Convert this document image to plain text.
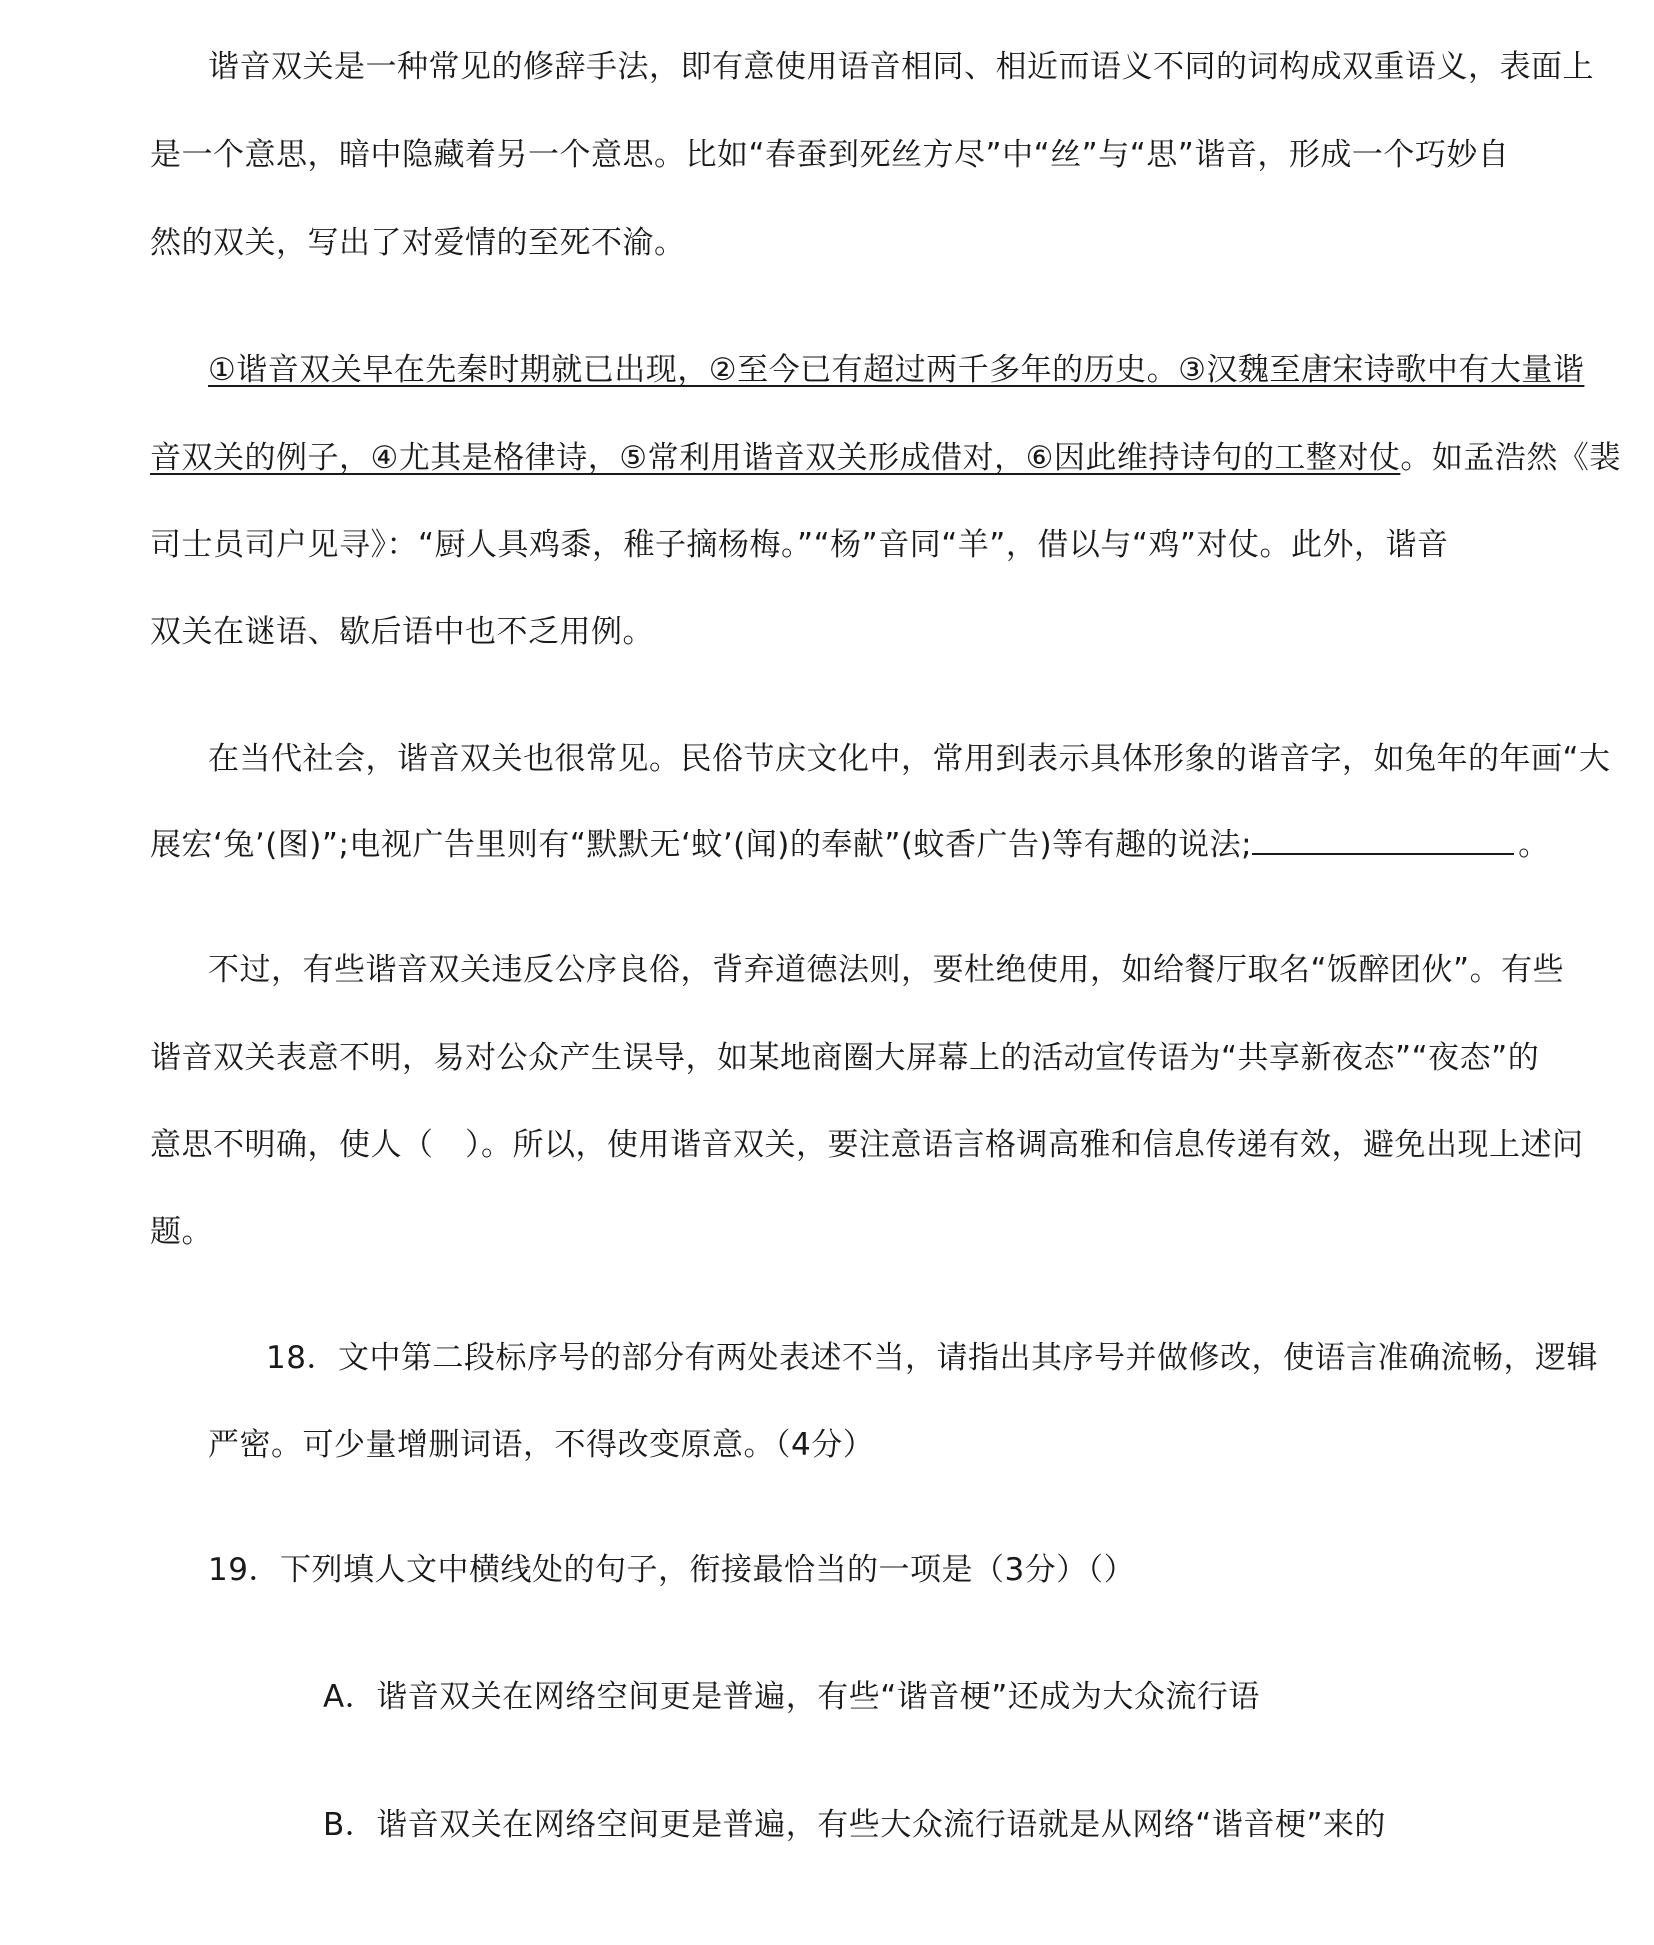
谐音双关是一种常见的修辞手法，即有意使用语音相同、相近而语义不同的词构成双重语义，表面上
是一个意思，暗中隐藏着另一个意思。比如“春蚕到死丝方尽”中“丝”与“思”谐音，形成一个巧妙自
然的双关，写出了对爱情的至死不渝。
①谐音双关早在先秦时期就已出现，②至今已有超过两千多年的历史。③汉魏至唐宋诗歌中有大量谐
音双关的例子，④尤其是格律诗，⑤常利用谐音双关形成借对，⑥因此维持诗句的工整对仗。如孟浩然《裴
司士员司户见寻》：“厨人具鸡黍，稚子摘杨梅。”“杨”音同“羊”，借以与“鸡”对仗。此外，谐音
双关在谜语、歇后语中也不乏用例。
在当代社会，谐音双关也很常见。民俗节庆文化中，常用到表示具体形象的谐音字，如兔年的年画“大
展宏‘兔’(图)”;电视广告里则有“默默无‘蚊’(闻)的奉献”(蚊香广告)等有趣的说法;	。
不过，有些谐音双关违反公序良俗，背弃道德法则，要杜绝使用，如给餐厅取名“饭醉团伙”。有些
谐音双关表意不明，易对公众产生误导，如某地商圈大屏幕上的活动宣传语为“共享新夜态”“夜态”的
意思不明确，使人（　）。所以，使用谐音双关，要注意语言格调高雅和信息传递有效，避免出现上述问
题。
18．文中第二段标序号的部分有两处表述不当，请指出其序号并做修改，使语言准确流畅，逻辑
严密。可少量增删词语，不得改变原意。（4分）
19．下列填人文中横线处的句子，衔接最恰当的一项是（3分）（）
A．谐音双关在网络空间更是普遍，有些“谐音梗”还成为大众流行语
B．谐音双关在网络空间更是普遍，有些大众流行语就是从网络“谐音梗”来的
